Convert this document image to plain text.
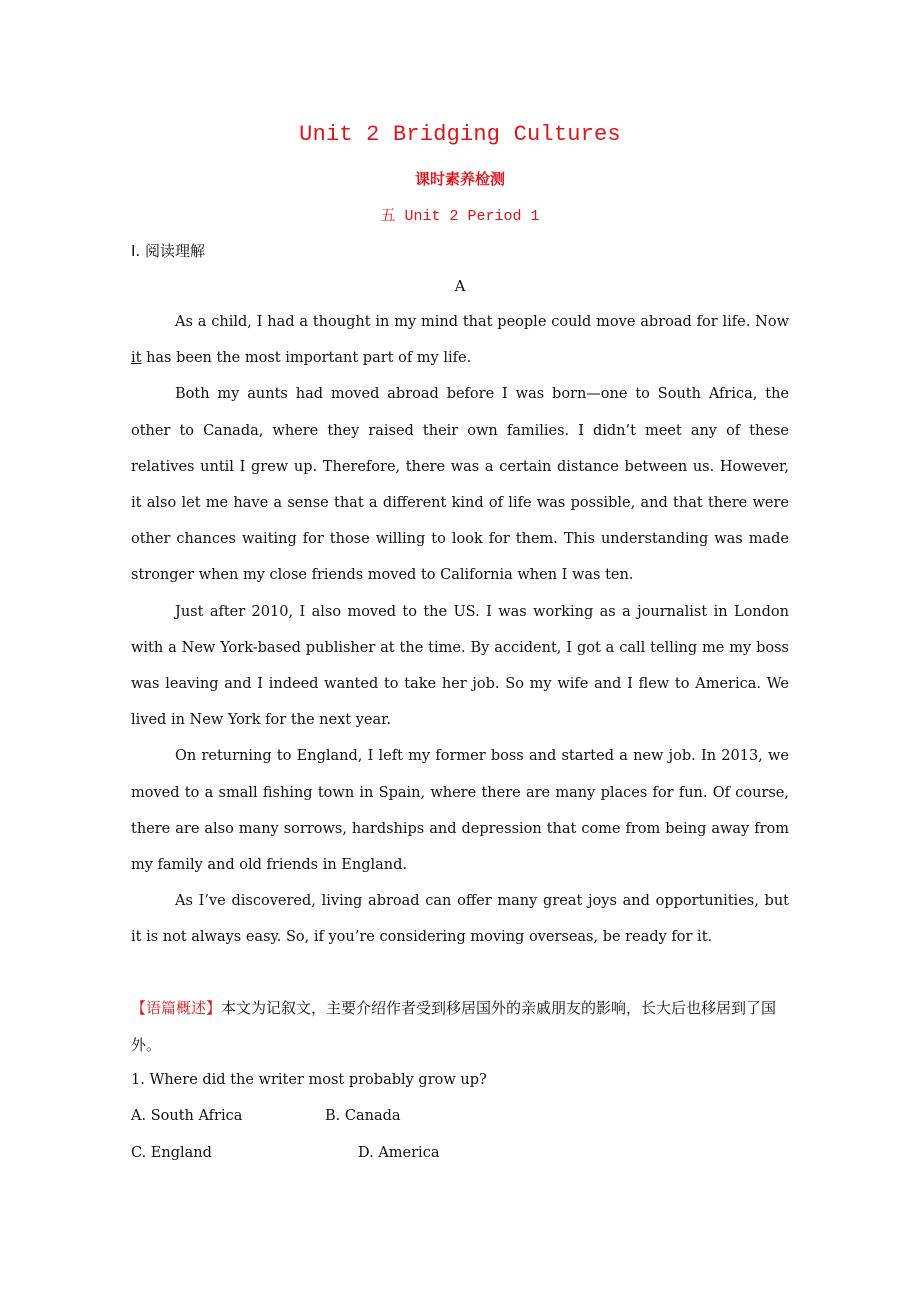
Unit 2 Bridging Cultures
课时素养检测
五 Unit 2 Period 1
Ⅰ. 阅读理解
A

As a child, I had a thought in my mind that people could move abroad for life. Now it has been the most important part of my life.

Both my aunts had moved abroad before I was born—one to South Africa, the other to Canada, where they raised their own families. I didn’t meet any of these relatives until I grew up. Therefore, there was a certain distance between us. However, it also let me have a sense that a different kind of life was possible, and that there were other chances waiting for those willing to look for them. This understanding was made stronger when my close friends moved to California when I was ten.

Just after 2010, I also moved to the US. I was working as a journalist in London with a New York-based publisher at the time. By accident, I got a call telling me my boss was leaving and I indeed wanted to take her job. So my wife and I flew to America. We lived in New York for the next year.

On returning to England, I left my former boss and started a new job. In 2013, we moved to a small fishing town in Spain, where there are many places for fun. Of course, there are also many sorrows, hardships and depression that come from being away from my family and old friends in England.

As I’ve discovered, living abroad can offer many great joys and opportunities, but it is not always easy. So, if you’re considering moving overseas, be ready for it.

【语篇概述】本文为记叙文，主要介绍作者受到移居国外的亲戚朋友的影响，长大后也移居到了国外。
1. Where did the writer most probably grow up?
A. South Africa	B. Canada
C. England	D. America
